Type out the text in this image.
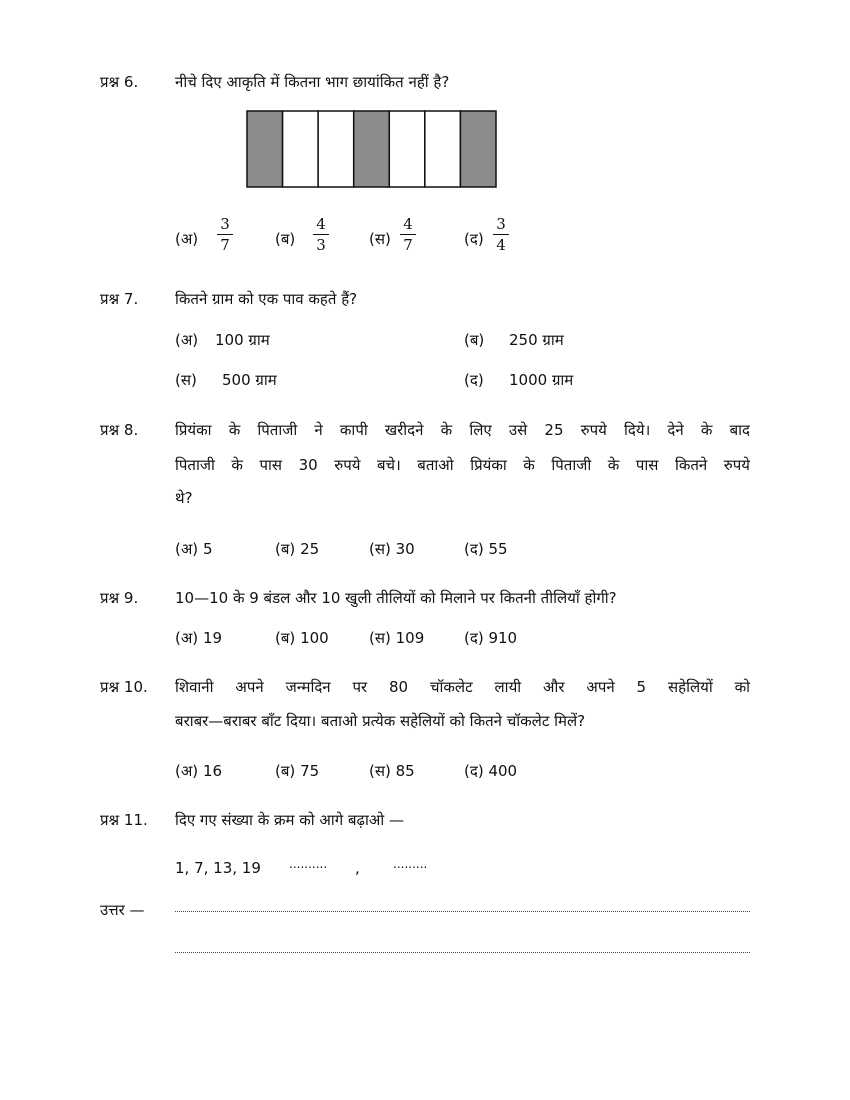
प्रश्न 6. नीचे दिए आकृति में कितना भाग छायांकित नहीं है?
(अ)
3
7	(ब)
4
3	(स)
4
7	(द)
3
4
प्रश्न 7. कितने ग्राम को एक पाव कहते हैं?
(अ) 100 ग्राम	(ब) 250 ग्राम
(स) 500 ग्राम	(द) 1000 ग्राम
प्रश्न 8. प्रियंका के पिताजी ने कापी खरीदने के लिए उसे 25 रुपये दिये। देने के बाद
पिताजी के पास 30 रुपये बचे। बताओ प्रियंका के पिताजी के पास कितने रुपये
थे?
(अ) 5	(ब) 25	(स) 30	(द) 55
प्रश्न 9. 10—10 के 9 बंडल और 10 खुली तीलियों को मिलाने पर कितनी तीलियाँ होगी?
(अ) 19	(ब) 100	(स) 109	(द) 910
प्रश्न 10. शिवानी अपने जन्मदिन पर 80 चॉकलेट लायी और अपने 5 सहेलियों को
बराबर—बराबर बाँट दिया। बताओ प्रत्येक सहेलियों को कितने चॉकलेट मिलें?
(अ) 16	(ब) 75	(स) 85	(द) 400
प्रश्न 11. दिए गए संख्या के क्रम को आगे बढ़ाओ —
1, 7, 13, 19 .......... ,	.........
उत्तर —
